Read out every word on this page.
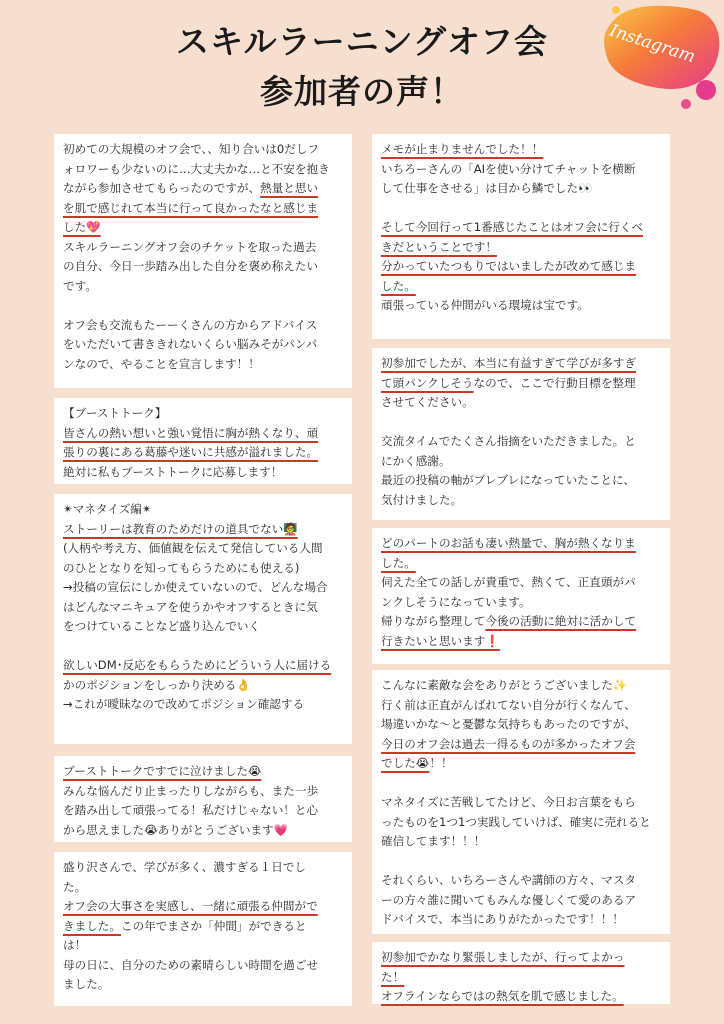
スキルラーニングオフ会
参加者の声！
Instagram
初めての大規模のオフ会で、、知り合いは0だしフ
ォロワーも少ないのに…大丈夫かな…と不安を抱き
ながら参加させてもらったのですが、熱量と思い
を肌で感じれて本当に行って良かったなと感じま
した💖
スキルラーニングオフ会のチケットを取った過去
の自分、今日一歩踏み出した自分を褒め称えたい
です。
オフ会も交流もたーーくさんの方からアドバイス
をいただいて書ききれないくらい脳みそがパンパ
ンなので、やることを宣言します！！
【ブーストトーク】
皆さんの熱い想いと強い覚悟に胸が熱くなり、頑
張りの裏にある葛藤や迷いに共感が溢れました。
絶対に私もブーストトークに応募します！
✴マネタイズ編✴
ストーリーは教育のためだけの道具でない🧑‍🏫
(人柄や考え方、価値観を伝えて発信している人間
のひととなりを知ってもらうためにも使える)
→投稿の宣伝にしか使えていないので、どんな場合
はどんなマニキュアを使うかやオフするときに気
をつけていることなど盛り込んでいく
欲しいDM･反応をもらうためにどういう人に届ける
かのポジションをしっかり決める👌
→これが曖昧なので改めてポジション確認する
ブーストトークですでに泣けました😭
みんな悩んだり止まったりしながらも、また一歩
を踏み出して頑張ってる！私だけじゃない！と心
から思えました😭ありがとうございます💗
盛り沢さんで、学びが多く、濃すぎる１日でし
た。
オフ会の大事さを実感し、一緒に頑張る仲間がで
きました。この年でまさか「仲間」ができると
は！
母の日に、自分のための素晴らしい時間を過ごせ
ました。
メモが止まりませんでした！！
いちろーさんの「AIを使い分けてチャットを横断
して仕事をさせる」は目から鱗でした👀
そして今回行って1番感じたことはオフ会に行くべ
きだということです！
分かっていたつもりではいましたが改めて感じま
した。
頑張っている仲間がいる環境は宝です。
初参加でしたが、本当に有益すぎて学びが多すぎ
て頭パンクしそうなので、ここで行動目標を整理
させてください。
交流タイムでたくさん指摘をいただきました。と
にかく感謝。
最近の投稿の軸がブレブレになっていたことに、
気付けました。
どのパートのお話も凄い熱量で、胸が熱くなりま
した。
伺えた全ての話しが貴重で、熱くて、正直頭がパ
ンクしそうになっています。
帰りながら整理して今後の活動に絶対に活かして
行きたいと思います❗
こんなに素敵な会をありがとうございました✨
行く前は正直がんばれてない自分が行くなんて、
場違いかな〜と憂鬱な気持ちもあったのですが、
今日のオフ会は過去一得るものが多かったオフ会
でした😭！！
マネタイズに苦戦してたけど、今日お言葉をもら
ったものを1つ1つ実践していけば、確実に売れると
確信してます！！！
それくらい、いちろーさんや講師の方々、マスタ
ーの方々誰に聞いてもみんな優しくて愛のあるア
ドバイスで、本当にありがたかったです！！！
初参加でかなり緊張しましたが、行ってよかっ
た！
オフラインならではの熱気を肌で感じました。
